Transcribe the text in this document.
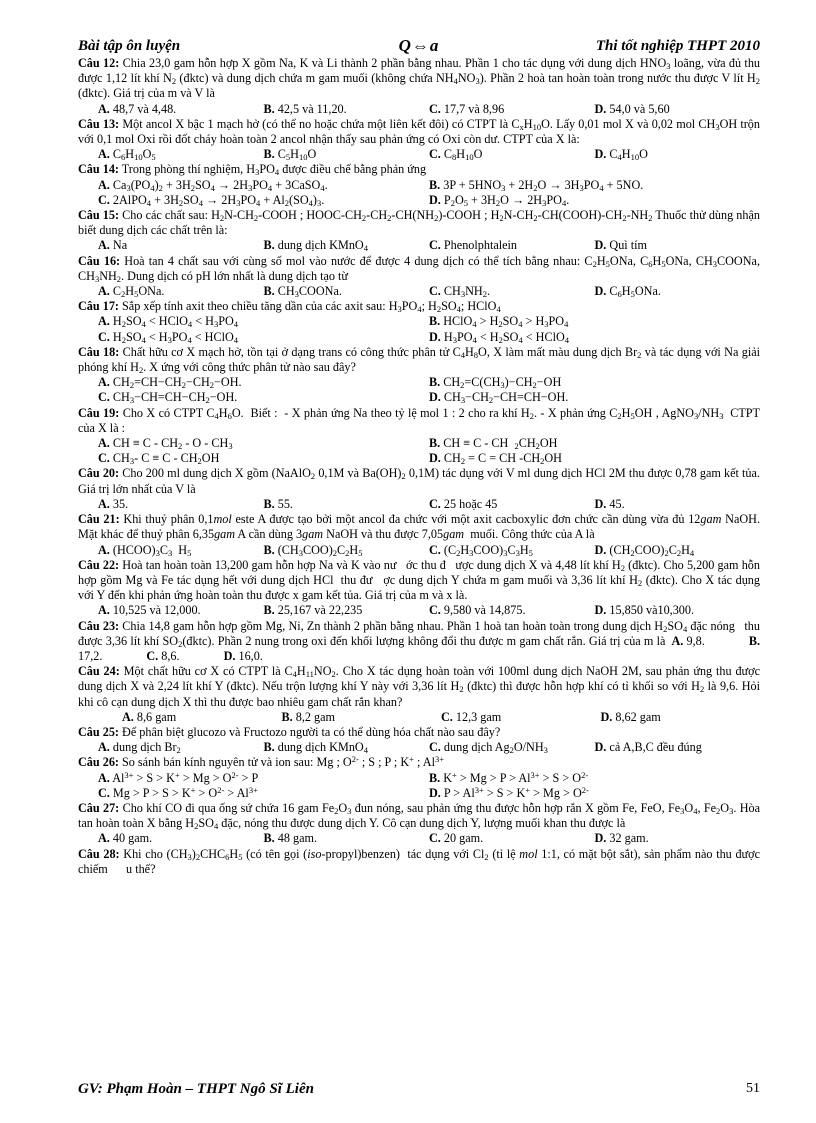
Bài tập ôn luyện	Q⇔a	Thi tốt nghiệp THPT 2010

Câu 12: Chia 23,0 gam hỗn hợp X gồm Na, K và Li thành 2 phần bằng nhau. Phần 1 cho tác dụng với dung dịch $HNO_3$ loãng, vừa đủ thu được 1,12 lít khí $N_2$ (đktc) và dung dịch chứa m gam muối (không chứa $NH_4NO_3$). Phần 2 hoà tan hoàn toàn trong nước thu được V lít $H_2$ (đktc). Giá trị của m và V là

A. 48,7 và 4,48.	B. 42,5 và 11,20.	C. 17,7 và 8,96	D. 54,0 và 5,60

Câu 13: Một ancol X bậc 1 mạch hở (có thể no hoặc chứa một liên kết đôi) có CTPT là $C_xH_{10}O$. Lấy 0,01 mol X và 0,02 mol $CH_3OH$ trộn với 0,1 mol Oxi rồi đốt cháy hoàn toàn 2 ancol nhận thấy sau phản ứng có Oxi còn dư. CTPT của X là:

A. $C_6H_{10}O_5$	B. $C_5H_{10}O$	C. $C_8H_{10}O$	D. $C_4H_{10}O$

Câu 14: Trong phòng thí nghiệm, $H_3PO_4$ được điều chế bằng phản ứng

A. $Ca_3(PO_4)_2 + 3H_2SO_4 \to 2H_3PO_4$ + 3CaSO$_4$.	B. $3P + 5HNO_3 + 2H_2O \to 3H_3PO_4 + 5NO$.
C. 2AlPO$_4$ + $3H_2SO_4 \to 2H_3PO_4 + Al_2(SO_4)_3$.	D. $P_2O_5 + 3H_2O \to 2H_3PO_4$.

Câu 15: Cho các chất sau: $H_2N-CH_2$-COOH ; HOOC-$CH_2-CH_2-CH(NH_2)$-COOH ; $H_2N-CH_2-CH(COOH)-CH_2-NH_2$ Thuốc thử dùng nhận biết dung dịch các chất trên là:

A. Na	B. dung dịch KMnO$_4$	C. Phenolphtalein	D. Quì tím

Câu 16: Hoà tan 4 chất sau với cùng số mol vào nước để được 4 dung dịch có thể tích bằng nhau: $C_2H_5ONa$, $C_6H_5ONa$, $CH_3COONa$, $CH_3NH_2$. Dung dịch có pH lớn nhất là dung dịch tạo từ

A. $C_2H_5ONa$.	B. $CH_3COONa$.	C. $CH_3NH_2$.	D. $C_6H_5ONa$.

Câu 17: Sắp xếp tính axit theo chiều tăng dần của các axit sau: $H_3PO_4$; $H_2SO_4$; HClO$_4$

A. $H_2SO_4$ < HClO$_4$ < $H_3PO_4$	B. HClO$_4$ > $H_2SO_4 > H_3PO_4$
C. $H_2SO_4 < H_3PO_4$ < HClO$_4$	D. $H_3PO_4 < H_2SO_4$ < HClO$_4$

Câu 18: Chất hữu cơ X mạch hở, tồn tại ở dạng trans có công thức phân tử $C_4H_8O$, X làm mất màu dung dịch $Br_2$ và tác dụng với Na giải phóng khí $H_2$. X ứng với công thức phân tử nào sau đây?

A. $CH_2=CH-CH_2-CH_2-OH$.	B. $CH_2=C(CH_3)-CH_2-OH$
C. $CH_3-CH=CH-CH_2-OH$.	D. $CH_3-CH_2-CH=CH-OH$.

Câu 19: Cho X có CTPT $C_4H_6O$.  Biết :  - X phản ứng Na theo tỷ lệ mol 1 : 2 cho ra khí $H_2$. - X phản ứng $C_2H_5OH$ , $AgNO_3/NH_3$  CTPT của X là :

A. CH ≡ C - $CH_2$ - O - $CH_3$	B. CH ≡ C - CH  $_2CH_2OH$
C. $CH_3-$ $C \equiv C - CH_2OH$	D. $CH_2 = C$ = CH $-CH_2OH$

Câu 20: Cho 200 ml dung dịch X gồm (NaAlO$_2$ 0,1M và $Ba(OH)_2$ 0,1M) tác dụng với V ml dung dịch HCl 2M thu được 0,78 gam kết tủa. Giá trị lớn nhất của V là

A. 35.	B. 55.	C. 25 hoặc 45	D. 45.

Câu 21: Khi thuỷ phân 0,1mol este A được tạo bởi một ancol đa chức với một axit cacboxylic đơn chức cần dùng vừa đủ 12gam NaOH. Mặt khác để thuỷ phân 6,35gam A cần dùng 3gam NaOH và thu được 7,05gam  muối. Công thức của A là

A. $(HCOO)_3C_3$  $H_5$	B. $(CH_3COO)_2C_2H_5$	C. $(C_2H_3COO)_3C_3H_5$	D. $(CH_2COO)_2C_2H_4$

Câu 22: Hoà tan hoàn toàn 13,200 gam hỗn hợp Na và K vào nư   ớc thu đ   ược dung dịch X và 4,48 lít khí $H_2$ (đktc). Cho 5,200 gam hỗn hợp gồm Mg và Fe tác dụng hết với dung dịch HCl  thu đư   ợc dung dịch Y chứa m gam muối và 3,36 lít khí $H_2$ (đktc). Cho X tác dụng với Y đến khi phản ứng hoàn toàn thu được x gam kết tủa. Giá trị của m và x là.

A. 10,525 và 12,000.	B. 25,167 và 22,235	C. 9,580 và 14,875.	D. 15,850 và10,300.

Câu 23: Chia 14,8 gam hỗn hợp gồm Mg, Ni, Zn thành 2 phần bằng nhau. Phần 1 hoà tan hoàn toàn trong dung dịch $H_2SO_4$ đặc nóng   thu được 3,36 lít khí $SO_2(đktc)$. Phần 2 nung trong oxi đến khối lượng không đổi thu được m gam chất rắn. Giá trị của m là A. 9,8.	B. 17,2.	C. 8,6.	D. 16,0.

Câu 24: Một chất hữu cơ X có CTPT là $C_4H_{11}NO_2$. Cho X tác dụng hoàn toàn với 100ml dung dịch NaOH 2M, sau phản ứng thu được dung dịch X và 2,24 lít khí Y (đktc). Nếu trộn lượng khí Y này với 3,36 lít $H_2$ (đktc) thì được hỗn hợp khí có tỉ khối so với $H_2$ là 9,6. Hỏi khi cô cạn dung dịch X thì thu được bao nhiêu gam chất rắn khan?

A. 8,6 gam	B. 8,2 gam	C. 12,3 gam	D. 8,62 gam

Câu 25: Để phân biệt glucozo và Fructozo người ta có thể dùng hóa chất nào sau đây?

A. dung dịch $Br_2$	B. dung dịch KMnO$_4$	C. dung dịch $Ag_2O/NH_3$	D. cả A,B,C đều đúng

Câu 26: So sánh bán kính nguyên tử và ion sau: Mg ; $O^{2-}$ ; S ; P ; K+ ; $Al^{3+}$

A. $Al^{3+} > S > K^+ > Mg > O^{2-} > P$	B. $K^+ > Mg > P > Al^{3+} > S > O^{2-}$
C. $Mg > P > S > K^+ > O^{2-} > Al^{3+}$	D. $P > Al^{3+} > S > K^+ > Mg > O^{2-}$

Câu 27: Cho khí CO đi qua ống sứ chứa 16 gam $Fe_2O_3$ đun nóng, sau phản ứng thu được hỗn hợp rắn X gồm Fe, FeO, $Fe_3O_4$, $Fe_2O_3$. Hòa tan hoàn toàn X bằng $H_2SO_4$ đặc, nóng thu được dung dịch Y. Cô cạn dung dịch Y, lượng muối khan thu được là

A. 40 gam.	B. 48 gam.	C. 20 gam.	D. 32 gam.

Câu 28: Khi cho $(CH_3)_2CHC_6H_5$ (có tên gọi (iso-propyl)benzen)  tác dụng với $Cl_2$ (tỉ lệ mol 1:1, có mặt bột sắt), sản phẩm nào thu được chiếm      u thế?

GV: Phạm Hoàn – THPT Ngô Sĩ Liên	51
